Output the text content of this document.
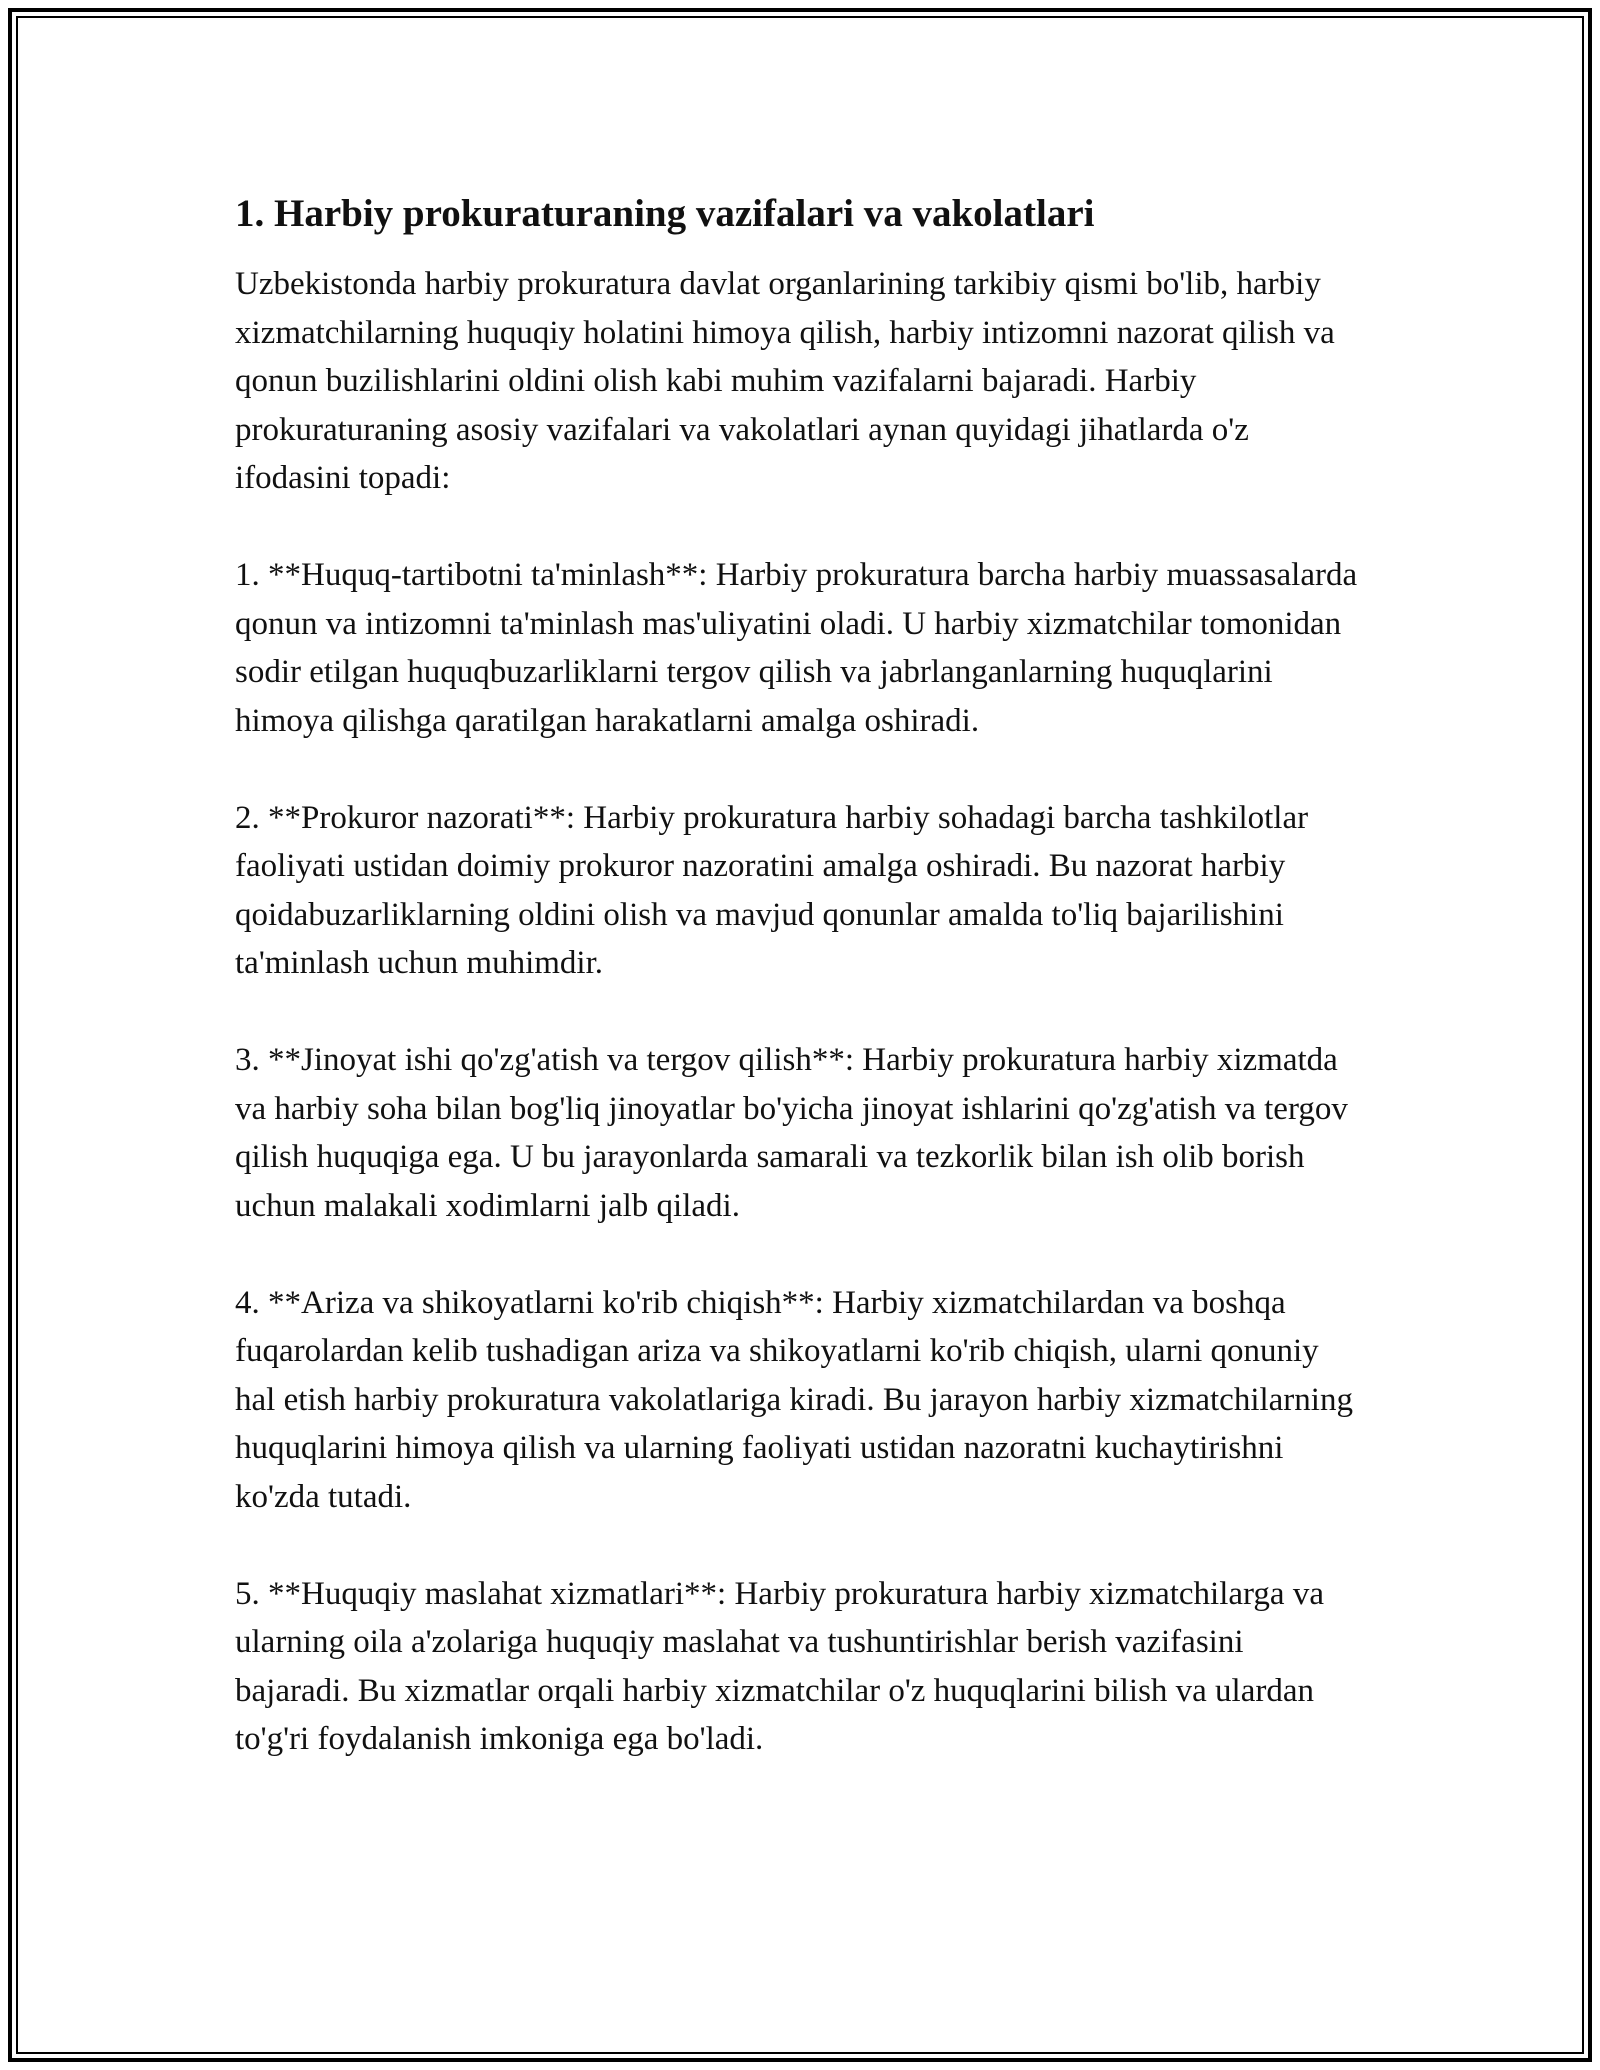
1. Harbiy prokuraturaning vazifalari va vakolatlari

Uzbekistonda harbiy prokuratura davlat organlarining tarkibiy qismi bo'lib, harbiy xizmatchilarning huquqiy holatini himoya qilish, harbiy intizomni nazorat qilish va qonun buzilishlarini oldini olish kabi muhim vazifalarni bajaradi. Harbiy prokuraturaning asosiy vazifalari va vakolatlari aynan quyidagi jihatlarda o'z ifodasini topadi:

1. **Huquq-tartibotni ta'minlash**: Harbiy prokuratura barcha harbiy muassasalarda qonun va intizomni ta'minlash mas'uliyatini oladi. U harbiy xizmatchilar tomonidan sodir etilgan huquqbuzarliklarni tergov qilish va jabrlanganlarning huquqlarini himoya qilishga qaratilgan harakatlarni amalga oshiradi.

2. **Prokuror nazorati**: Harbiy prokuratura harbiy sohadagi barcha tashkilotlar faoliyati ustidan doimiy prokuror nazoratini amalga oshiradi. Bu nazorat harbiy qoidabuzarliklarning oldini olish va mavjud qonunlar amalda to'liq bajarilishini ta'minlash uchun muhimdir.

3. **Jinoyat ishi qo'zg'atish va tergov qilish**: Harbiy prokuratura harbiy xizmatda va harbiy soha bilan bog'liq jinoyatlar bo'yicha jinoyat ishlarini qo'zg'atish va tergov qilish huquqiga ega. U bu jarayonlarda samarali va tezkorlik bilan ish olib borish uchun malakali xodimlarni jalb qiladi.

4. **Ariza va shikoyatlarni ko'rib chiqish**: Harbiy xizmatchilardan va boshqa fuqarolardan kelib tushadigan ariza va shikoyatlarni ko'rib chiqish, ularni qonuniy hal etish harbiy prokuratura vakolatlariga kiradi. Bu jarayon harbiy xizmatchilarning huquqlarini himoya qilish va ularning faoliyati ustidan nazoratni kuchaytirishni ko'zda tutadi.

5. **Huquqiy maslahat xizmatlari**: Harbiy prokuratura harbiy xizmatchilarga va ularning oila a'zolariga huquqiy maslahat va tushuntirishlar berish vazifasini bajaradi. Bu xizmatlar orqali harbiy xizmatchilar o'z huquqlarini bilish va ulardan to'g'ri foydalanish imkoniga ega bo'ladi.
